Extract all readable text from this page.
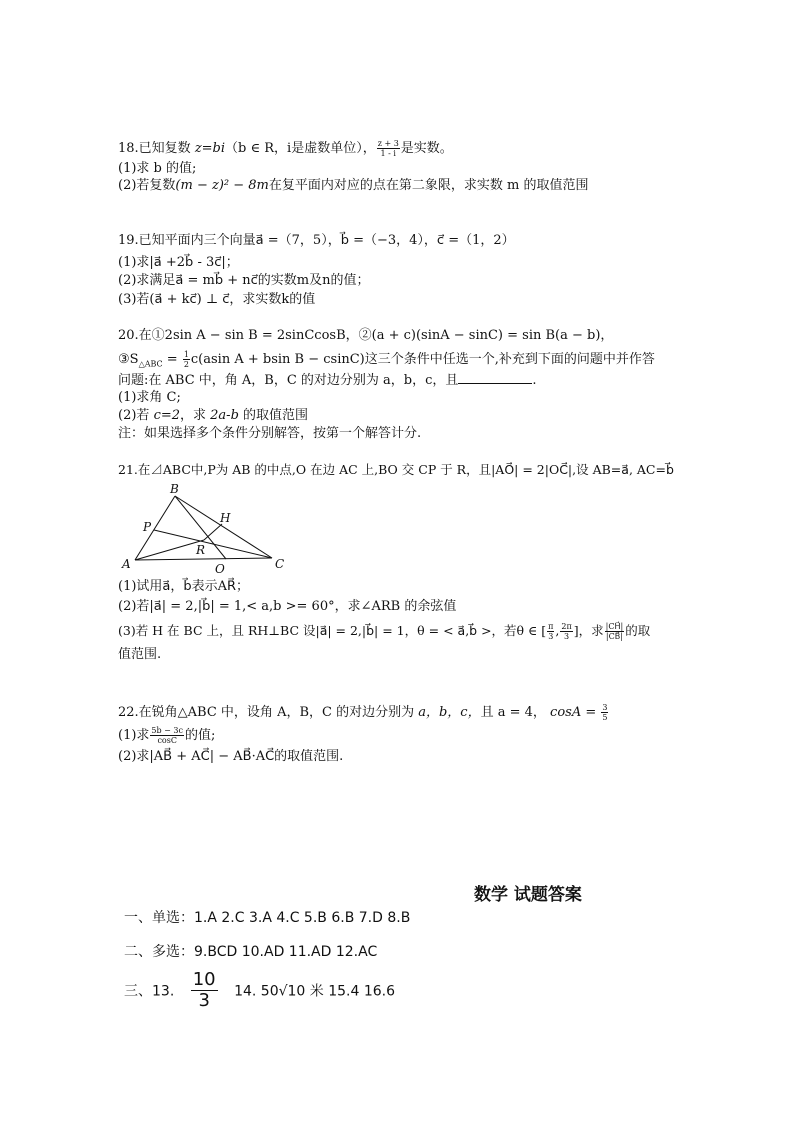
18.已知复数 z=bi（b ∈ R，i是虚数单位）， $\frac{z + 3}{1 - i}$ 是实数。
(1)求 b 的值;
(2)若复数(m − z)² − 8m在复平面内对应的点在第二象限，求实数 m 的取值范围
19.已知平面内三个向量a⃗ =（7，5），b⃗ =（−3，4），c⃗ =（1，2）
(1)求|a⃗ +2b⃗ - 3c⃗|；
(2)求满足a⃗ = mb⃗ + nc⃗的实数m及n的值；
(3)若(a⃗ + kc⃗) ⊥ c⃗，求实数k的值
20.在①2sin A − sin B = 2sinCcosB，②(a + c)(sinA − sinC) = sin B(a − b)，
$③S_{\triangle ABC} = \frac{1}{2} c(asin$ A + bsin B − csinC)这三个条件中任选一个,补充到下面的问题中并作答
问题:在 ABC 中，角 A，B，C 的对边分别为 a，b，c，且	.
(1)求角 C;
(2)若 c=2，求 2a-b 的取值范围
注：如果选择多个条件分别解答，按第一个解答计分.
21.在⊿ABC中,P为 AB 的中点,O 在边 AC 上,BO 交 CP 于 R，且|AO⃗| = 2|OC⃗|,设 AB=a⃗, AC=b⃗
A
B
C
P
H
R
O
(1)试用a⃗，b⃗表示AR⃗；
(2)若|a⃗| = 2,|b⃗| = 1,< a,b >= 60°，求∠ARB 的余弦值
(3)若 H 在 BC 上，且 RH⊥BC 设|a⃗| = 2,|b⃗| = 1，θ = < a⃗,b⃗ >，若θ ∈ [ $\frac{\pi}{3}$ , $\frac{2\pi}{3}$ ]，求 $\frac{|CH⃗|}{|CB⃗|}$ 的取
值范围.
22.在锐角△ABC 中，设角 A，B，C 的对边分别为 a，b，c，且 a = 4， $\cos A = \frac{3}{5}$
(1)求 $\frac{5b - 3c}{\cos C}$ 的值;
(2)求|AB⃗ + AC⃗| − AB⃗·AC⃗的取值范围.
数学 试题答案
一、单选：1.A 2.C 3.A 4.C 5.B 6.B 7.D 8.B
二、多选：9.BCD 10.AD 11.AD 12.AC
三、13. $\frac{10}{3} 14$. 50√10 米 15.4 16.6
